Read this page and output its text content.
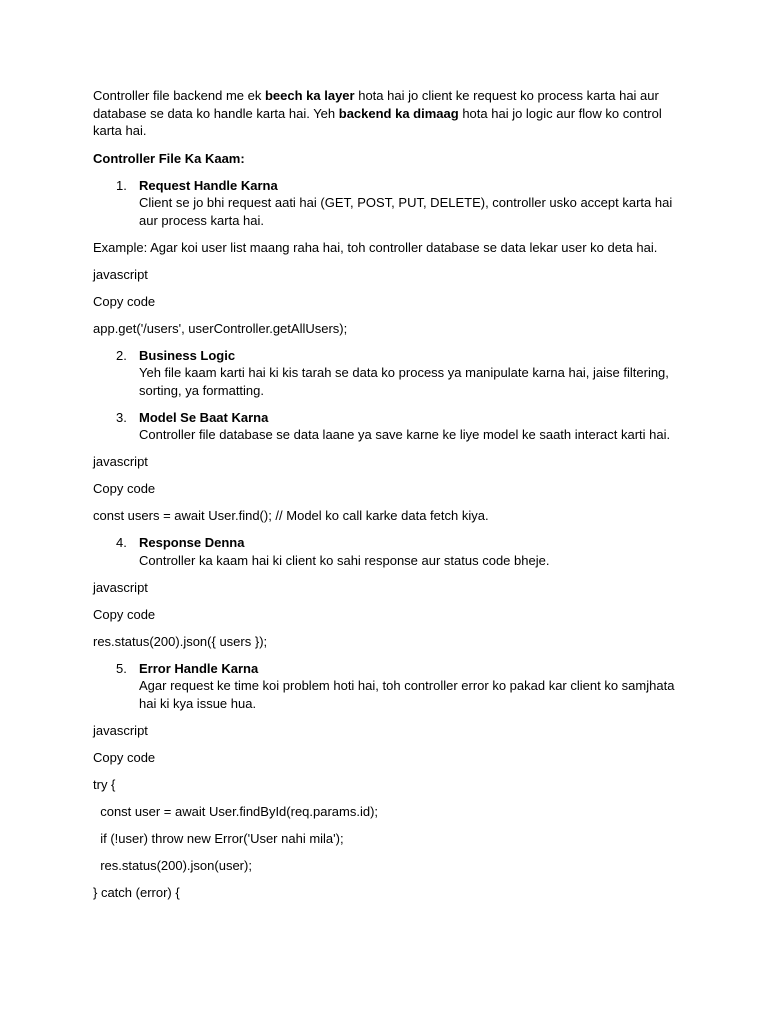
Controller file backend me ek beech ka layer hota hai jo client ke request ko process karta hai aur database se data ko handle karta hai. Yeh backend ka dimaag hota hai jo logic aur flow ko control karta hai.

Controller File Ka Kaam:

1. Request Handle Karna
Client se jo bhi request aati hai (GET, POST, PUT, DELETE), controller usko accept karta hai aur process karta hai.

Example: Agar koi user list maang raha hai, toh controller database se data lekar user ko deta hai.

javascript

Copy code

app.get('/users', userController.getAllUsers);

2. Business Logic
Yeh file kaam karti hai ki kis tarah se data ko process ya manipulate karna hai, jaise filtering, sorting, ya formatting.
3. Model Se Baat Karna
Controller file database se data laane ya save karne ke liye model ke saath interact karti hai.

javascript

Copy code

const users = await User.find(); // Model ko call karke data fetch kiya.

4. Response Denna
Controller ka kaam hai ki client ko sahi response aur status code bheje.

javascript

Copy code

res.status(200).json({ users });

5. Error Handle Karna
Agar request ke time koi problem hoti hai, toh controller error ko pakad kar client ko samjhata hai ki kya issue hua.

javascript

Copy code

try {

const user = await User.findById(req.params.id);

if (!user) throw new Error('User nahi mila');

res.status(200).json(user);

} catch (error) {
